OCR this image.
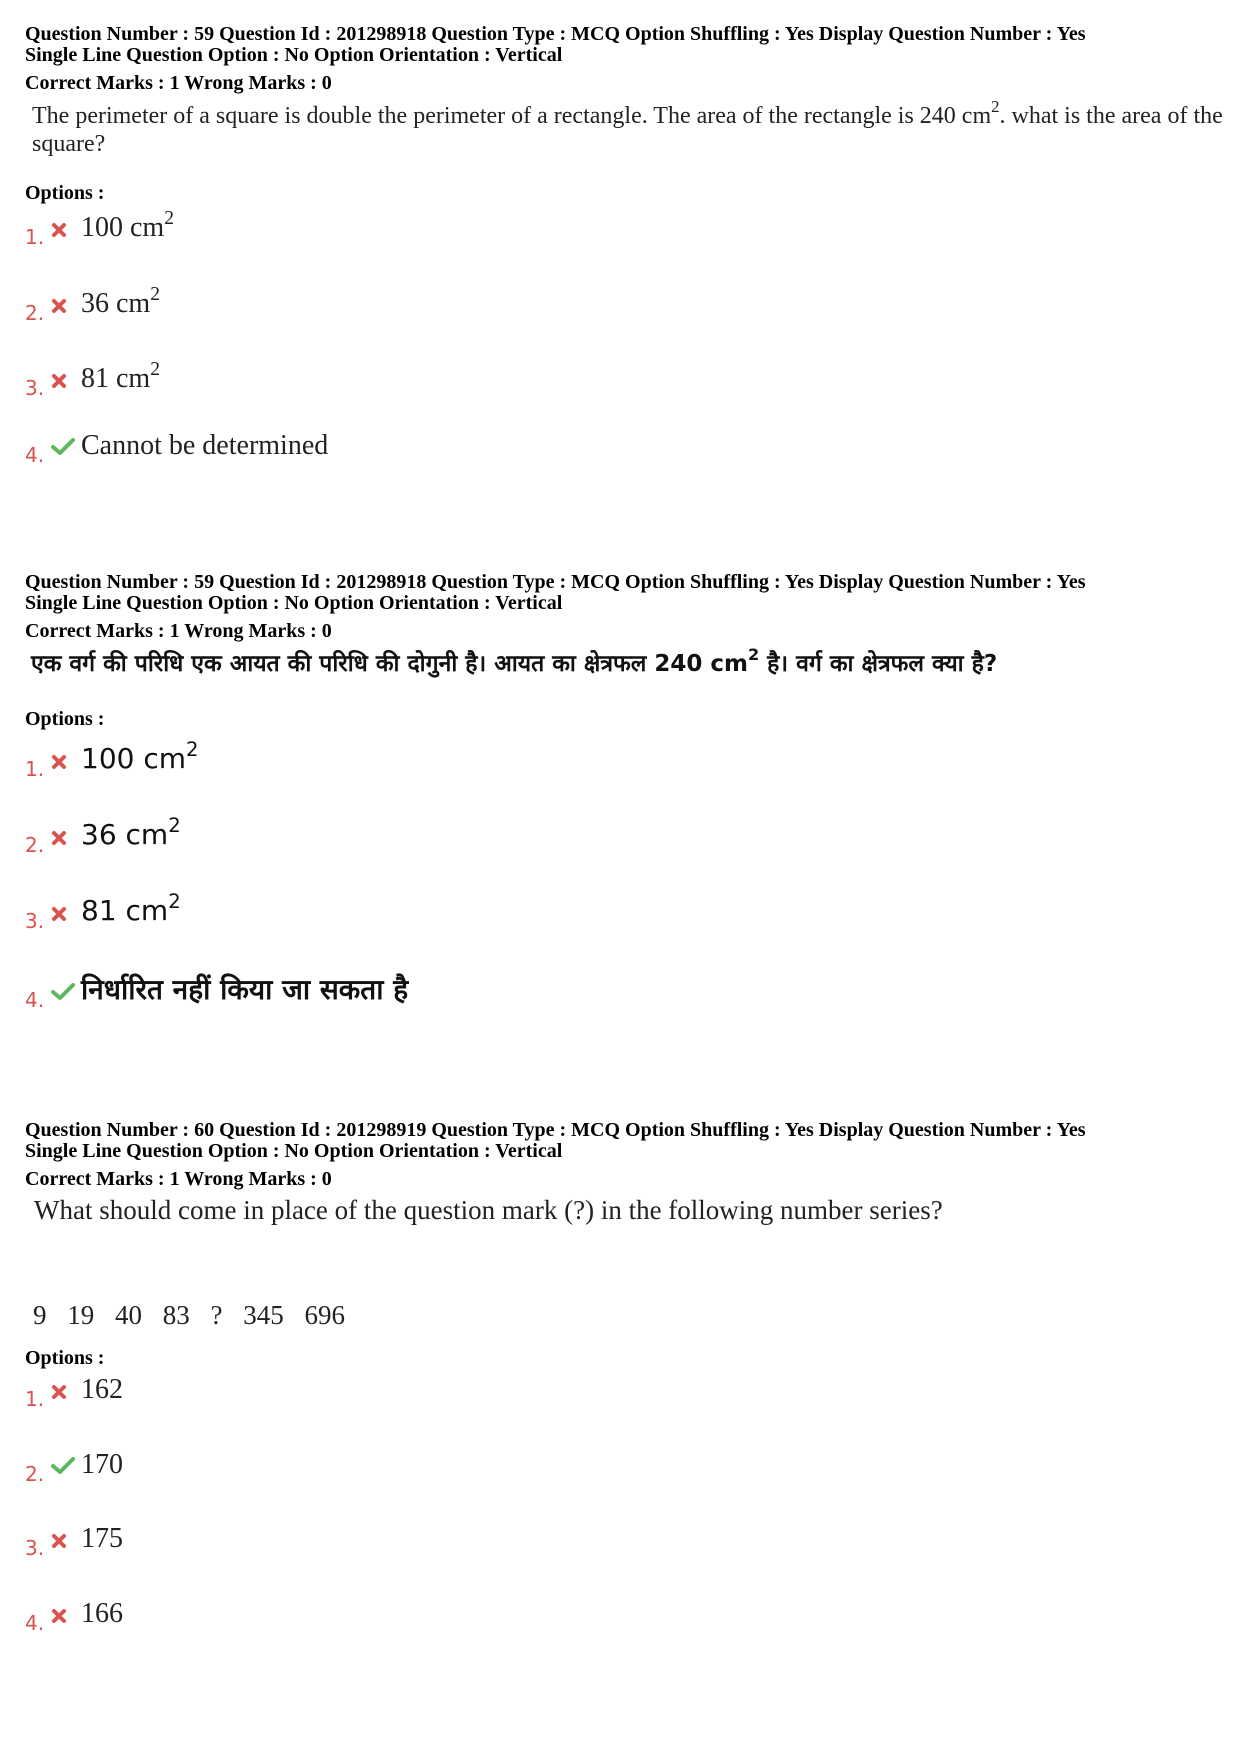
Question Number : 59 Question Id : 201298918 Question Type : MCQ Option Shuffling : Yes Display Question Number : Yes
Single Line Question Option : No Option Orientation : Vertical
Correct Marks : 1 Wrong Marks : 0
The perimeter of a square is double the perimeter of a rectangle. The area of the rectangle is 240 $cm^2$. what is the area of the square?
Options :
1. 100 $cm^2$
2. 36 $cm^2$
3. 81 $cm^2$
4. Cannot be determined
Question Number : 59 Question Id : 201298918 Question Type : MCQ Option Shuffling : Yes Display Question Number : Yes
Single Line Question Option : No Option Orientation : Vertical
Correct Marks : 1 Wrong Marks : 0
एक वर्ग की परिधि एक आयत की परिधि की दोगुनी है। आयत का क्षेत्रफल 240 $cm^2$ है। वर्ग का क्षेत्रफल क्या है?
Options :
1. 100 $cm^2$
2. 36 $cm^2$
3. 81 $cm^2$
4. निर्धारित नहीं किया जा सकता है
Question Number : 60 Question Id : 201298919 Question Type : MCQ Option Shuffling : Yes Display Question Number : Yes
Single Line Question Option : No Option Orientation : Vertical
Correct Marks : 1 Wrong Marks : 0
What should come in place of the question mark (?) in the following number series?
9 19 40 83 ? 345 696
Options :
1. 162
2. 170
3. 175
4. 166
